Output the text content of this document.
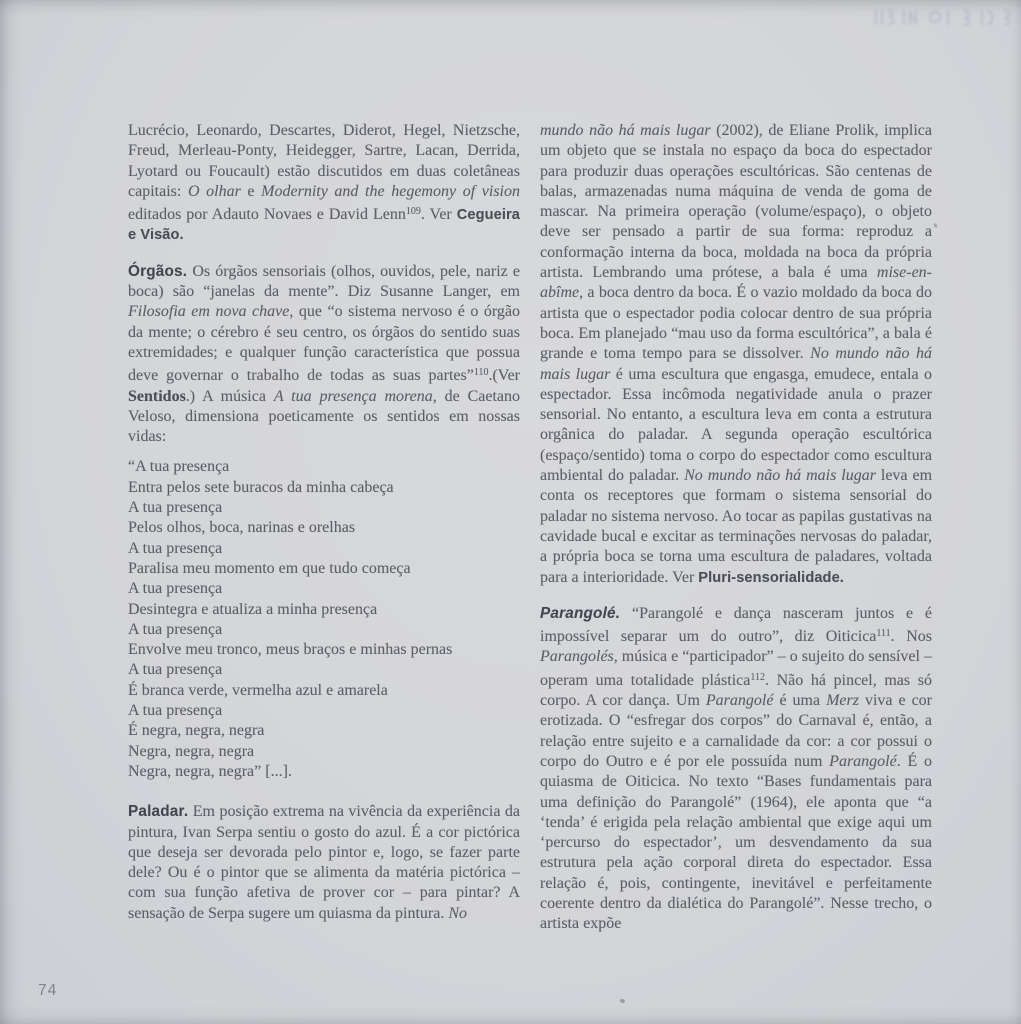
Lucrécio, Leonardo, Descartes, Diderot, Hegel, Nietzsche, Freud, Merleau-Ponty, Heidegger, Sartre, Lacan, Derrida, Lyotard ou Foucault) estão discutidos em duas coletâneas capitais: O olhar e Modernity and the hegemony of vision editados por Adauto Novaes e David Lenn$^{109}$. Ver Cegueira e Visão.

Órgãos. Os órgãos sensoriais (olhos, ouvidos, pele, nariz e boca) são “janelas da mente”. Diz Susanne Langer, em Filosofia em nova chave, que “o sistema nervoso é o órgão da mente; o cérebro é seu centro, os órgãos do sentido suas extremidades; e qualquer função característica que possua deve governar o trabalho de todas as suas partes”$^{110}$.(Ver Sentidos.) A música A tua presença morena, de Caetano Veloso, dimensiona poeticamente os sentidos em nossas vidas:

“A tua presença
Entra pelos sete buracos da minha cabeça
A tua presença
Pelos olhos, boca, narinas e orelhas
A tua presença
Paralisa meu momento em que tudo começa
A tua presença
Desintegra e atualiza a minha presença
A tua presença
Envolve meu tronco, meus braços e minhas pernas
A tua presença
É branca verde, vermelha azul e amarela
A tua presença
É negra, negra, negra
Negra, negra, negra
Negra, negra, negra” [...].

Paladar. Em posição extrema na vivência da experiência da pintura, Ivan Serpa sentiu o gosto do azul. É a cor pictórica que deseja ser devorada pelo pintor e, logo, se fazer parte dele? Ou é o pintor que se alimenta da matéria pictórica – com sua função afetiva de prover cor – para pintar? A sensação de Serpa sugere um quiasma da pintura. No

mundo não há mais lugar (2002), de Eliane Prolik, implica um objeto que se instala no espaço da boca do espectador para produzir duas operações escultóricas. São centenas de balas, armazenadas numa máquina de venda de goma de mascar. Na primeira operação (volume/espaço), o objeto deve ser pensado a partir de sua forma: reproduz a conformação interna da boca, moldada na boca da própria artista. Lembrando uma prótese, a bala é uma mise-en-abîme, a boca dentro da boca. É o vazio moldado da boca do artista que o espectador podia colocar dentro de sua própria boca. Em planejado “mau uso da forma escultórica”, a bala é grande e toma tempo para se dissolver. No mundo não há mais lugar é uma escultura que engasga, emudece, entala o espectador. Essa incômoda negatividade anula o prazer sensorial. No entanto, a escultura leva em conta a estrutura orgânica do paladar. A segunda operação escultórica (espaço/sentido) toma o corpo do espectador como escultura ambiental do paladar. No mundo não há mais lugar leva em conta os receptores que formam o sistema sensorial do paladar no sistema nervoso. Ao tocar as papilas gustativas na cavidade bucal e excitar as terminações nervosas do paladar, a própria boca se torna uma escultura de paladares, voltada para a interioridade. Ver Pluri-sensorialidade.

Parangolé. “Parangolé e dança nasceram juntos e é impossível separar um do outro”, diz Oiticica$^{111}$. Nos Parangolés, música e “participador” – o sujeito do sensível – operam uma totalidade plástica$^{112}$. Não há pincel, mas só corpo. A cor dança. Um Parangolé é uma Merz viva e cor erotizada. O “esfregar dos corpos” do Carnaval é, então, a relação entre sujeito e a carnalidade da cor: a cor possui o corpo do Outro e é por ele possuída num Parangolé. É o quiasma de Oiticica. No texto “Bases fundamentais para uma definição do Parangolé” (1964), ele aponta que “a ‘tenda’ é erigida pela relação ambiental que exige aqui um ‘percurso do espectador’, um desvendamento da sua estrutura pela ação corporal direta do espectador. Essa relação é, pois, contingente, inevitável e perfeitamente coerente dentro da dialética do Parangolé”. Nesse trecho, o artista expõe

74
